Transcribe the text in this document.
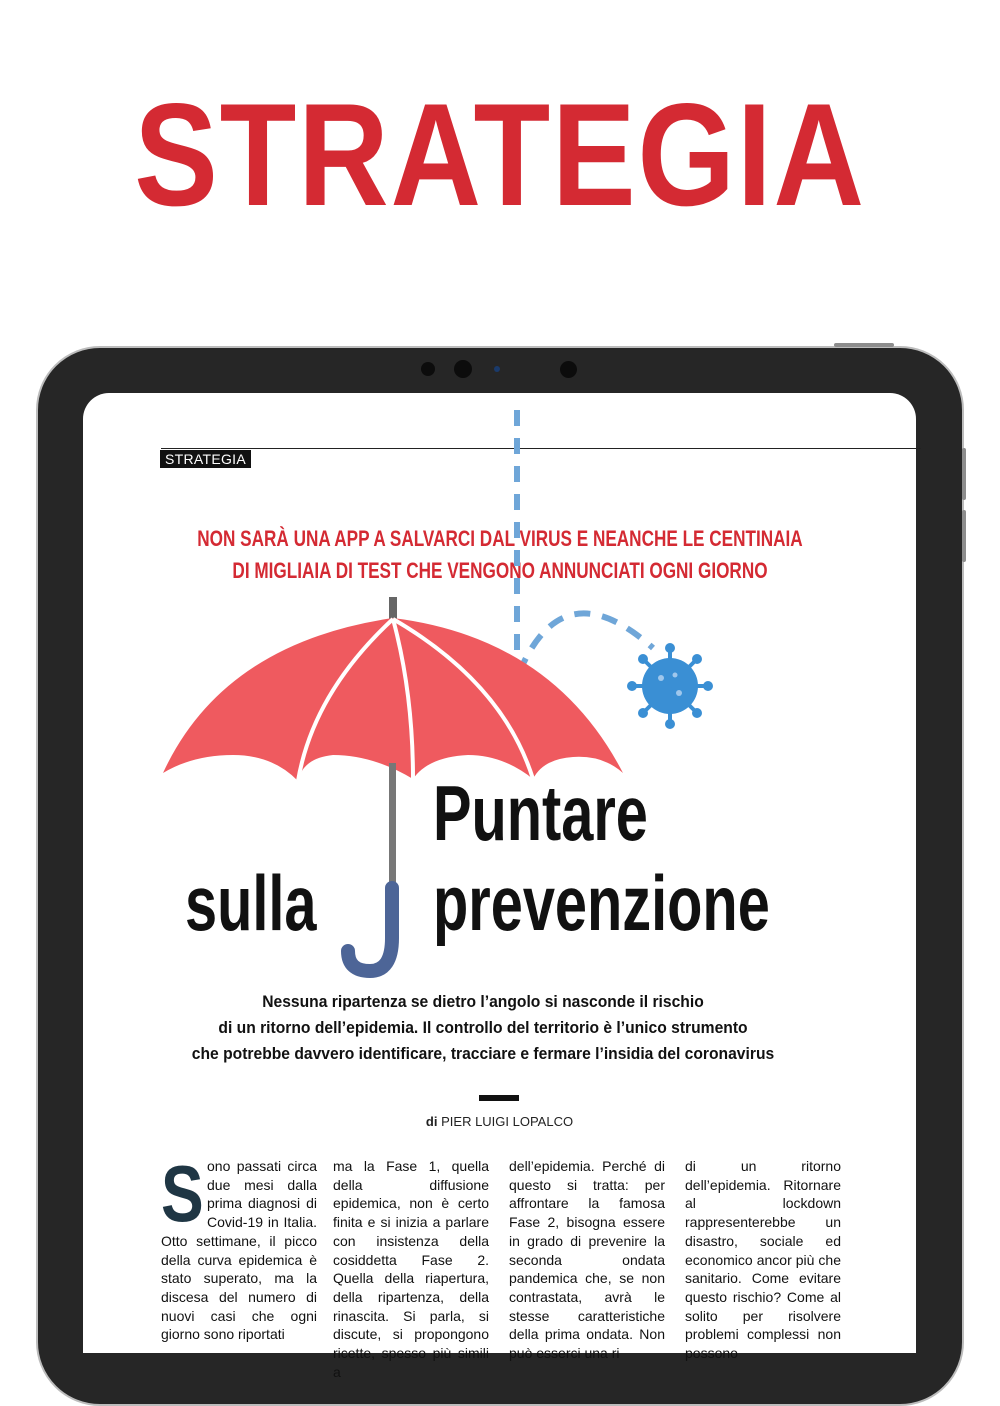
STRATEGIA
STRATEGIA
NON SARÀ UNA APP A SALVARCI DAL VIRUS E NEANCHE LE CENTINAIA
DI MIGLIAIA DI TEST CHE VENGONO ANNUNCIATI OGNI GIORNO
Puntare
sulla prevenzione
Nessuna ripartenza se dietro l’angolo si nasconde il rischio
di un ritorno dell’epidemia. Il controllo del territorio è l’unico strumento
che potrebbe davvero identificare, tracciare e fermare l’insidia del coronavirus
di PIER LUIGI LOPALCO
S ono passati circa due mesi dalla prima diagnosi di Covid-19 in Italia. Otto settimane, il picco della curva epidemica è stato superato, ma la discesa del numero di nuovi casi che ogni giorno sono riportati
ma la Fase 1, quella della diffusione epidemica, non è certo finita e si inizia a parlare con insistenza della cosiddetta Fase 2. Quella della riapertura, della ripartenza, della rinascita. Si parla, si discute, si propongono ricette, spesso più simili a
dell’epidemia. Perché di questo si tratta: per affrontare la famosa Fase 2, bisogna essere in grado di prevenire la seconda ondata pandemica che, se non contrastata, avrà le stesse caratteristiche della prima ondata. Non può esserci una ri
di un ritorno dell’epidemia. Ritornare al lockdown rappresenterebbe un disastro, sociale ed economico ancor più che sanitario. Come evitare questo rischio? Come al solito per risolvere problemi complessi non possono
